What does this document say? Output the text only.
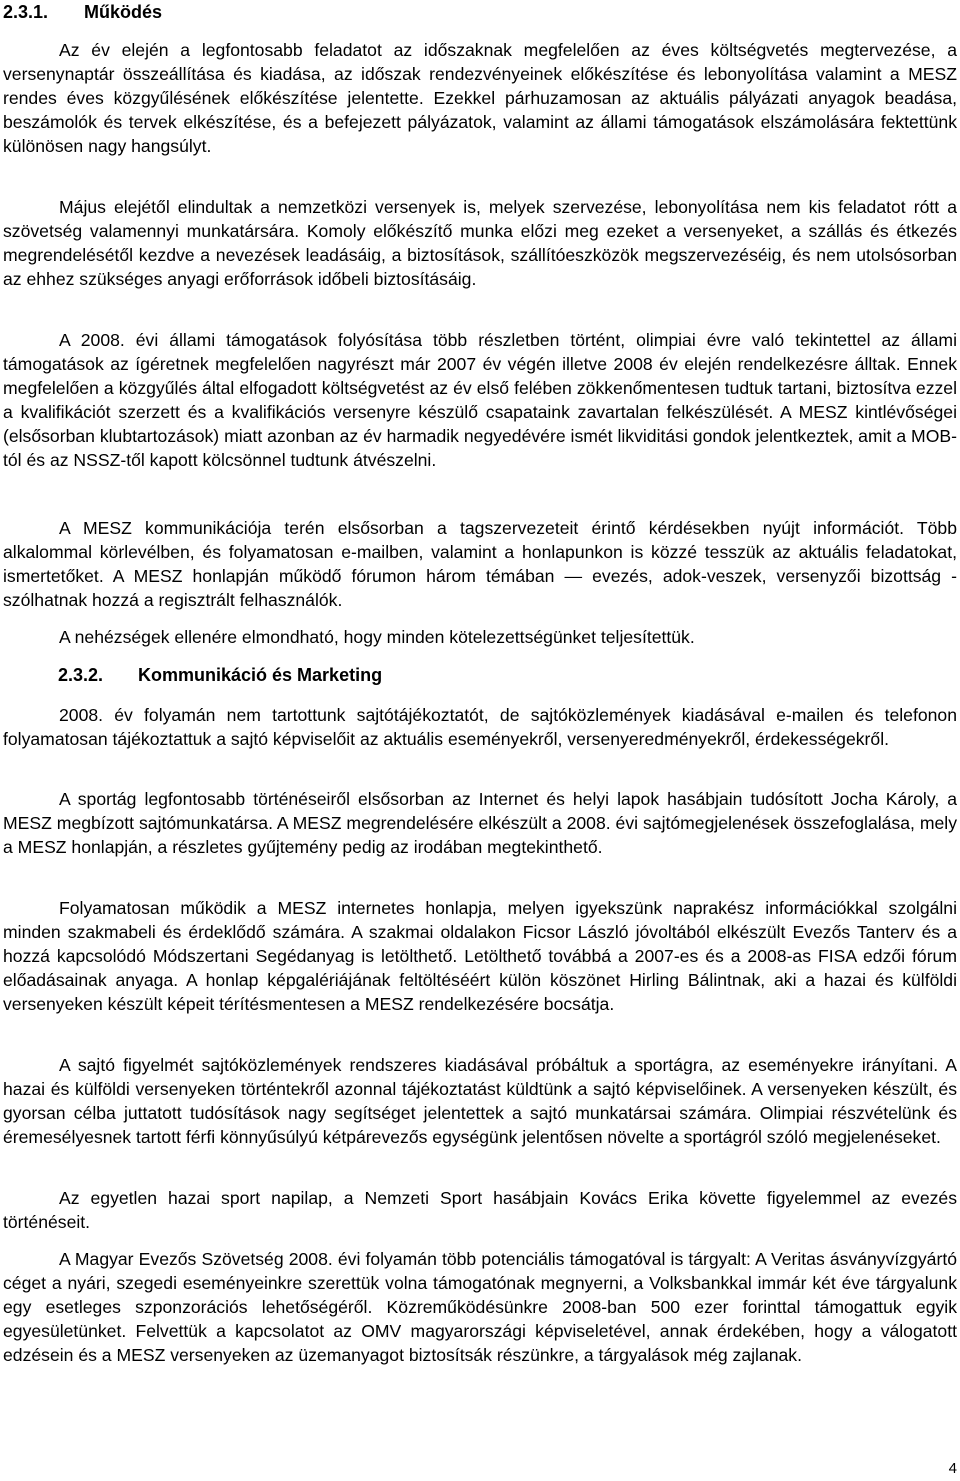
2.3.1. Működés

Az év elején a legfontosabb feladatot az időszaknak megfelelően az éves költségvetés megtervezése, a versenynaptár összeállítása és kiadása, az időszak rendezvényeinek előkészítése és lebonyolítása valamint a MESZ rendes éves közgyűlésének előkészítése jelentette. Ezekkel párhuzamosan az aktuális pályázati anyagok beadása, beszámolók és tervek elkészítése, és a befejezett pályázatok, valamint az állami támogatások elszámolására fektettünk különösen nagy hangsúlyt.

Május elejétől elindultak a nemzetközi versenyek is, melyek szervezése, lebonyolítása nem kis feladatot rótt a szövetség valamennyi munkatársára. Komoly előkészítő munka előzi meg ezeket a versenyeket, a szállás és étkezés megrendelésétől kezdve a nevezések leadásáig, a biztosítások, szállítóeszközök megszervezéséig, és nem utolsósorban az ehhez szükséges anyagi erőforrások időbeli biztosításáig.

A 2008. évi állami támogatások folyósítása több részletben történt, olimpiai évre való tekintettel az állami támogatások az ígéretnek megfelelően nagyrészt már 2007 év végén illetve 2008 év elején rendelkezésre álltak. Ennek megfelelően a közgyűlés által elfogadott költségvetést az év első felében zökkenőmentesen tudtuk tartani, biztosítva ezzel a kvalifikációt szerzett és a kvalifikációs versenyre készülő csapataink zavartalan felkészülését. A MESZ kintlévőségei (elsősorban klubtartozások) miatt azonban az év harmadik negyedévére ismét likviditási gondok jelentkeztek, amit a MOB-tól és az NSSZ-től kapott kölcsönnel tudtunk átvészelni.

A MESZ kommunikációja terén elsősorban a tagszervezeteit érintő kérdésekben nyújt információt. Több alkalommal körlevélben, és folyamatosan e-mailben, valamint a honlapunkon is közzé tesszük az aktuális feladatokat, ismertetőket. A MESZ honlapján működő fórumon három témában — evezés, adok-veszek, versenyzői bizottság - szólhatnak hozzá a regisztrált felhasználók.

A nehézségek ellenére elmondható, hogy minden kötelezettségünket teljesítettük.

2.3.2. Kommunikáció és Marketing

2008. év folyamán nem tartottunk sajtótájékoztatót, de sajtóközlemények kiadásával e-mailen és telefonon folyamatosan tájékoztattuk a sajtó képviselőit az aktuális eseményekről, versenyeredményekről, érdekességekről.

A sportág legfontosabb történéseiről elsősorban az Internet és helyi lapok hasábjain tudósított Jocha Károly, a MESZ megbízott sajtómunkatársa. A MESZ megrendelésére elkészült a 2008. évi sajtómegjelenések összefoglalása, mely a MESZ honlapján, a részletes gyűjtemény pedig az irodában megtekinthető.

Folyamatosan működik a MESZ internetes honlapja, melyen igyekszünk naprakész információkkal szolgálni minden szakmabeli és érdeklődő számára. A szakmai oldalakon Ficsor László jóvoltából elkészült Evezős Tanterv és a hozzá kapcsolódó Módszertani Segédanyag is letölthető. Letölthető továbbá a 2007-es és a 2008-as FISA edzői fórum előadásainak anyaga. A honlap képgalériájának feltöltéséért külön köszönet Hirling Bálintnak, aki a hazai és külföldi versenyeken készült képeit térítésmentesen a MESZ rendelkezésére bocsátja.

A sajtó figyelmét sajtóközlemények rendszeres kiadásával próbáltuk a sportágra, az eseményekre irányítani. A hazai és külföldi versenyeken történtekről azonnal tájékoztatást küldtünk a sajtó képviselőinek. A versenyeken készült, és gyorsan célba juttatott tudósítások nagy segítséget jelentettek a sajtó munkatársai számára. Olimpiai részvételünk és éremesélyesnek tartott férfi könnyűsúlyú kétpárevezős egységünk jelentősen növelte a sportágról szóló megjelenéseket.

Az egyetlen hazai sport napilap, a Nemzeti Sport hasábjain Kovács Erika követte figyelemmel az evezés történéseit.

A Magyar Evezős Szövetség 2008. évi folyamán több potenciális támogatóval is tárgyalt: A Veritas ásványvízgyártó céget a nyári, szegedi eseményeinkre szerettük volna támogatónak megnyerni, a Volksbankkal immár két éve tárgyalunk egy esetleges szponzorációs lehetőségéről. Közreműködésünkre 2008-ban 500 ezer forinttal támogattuk egyik egyesületünket. Felvettük a kapcsolatot az OMV magyarországi képviseletével, annak érdekében, hogy a válogatott edzésein és a MESZ versenyeken az üzemanyagot biztosítsák részünkre, a tárgyalások még zajlanak.

4
